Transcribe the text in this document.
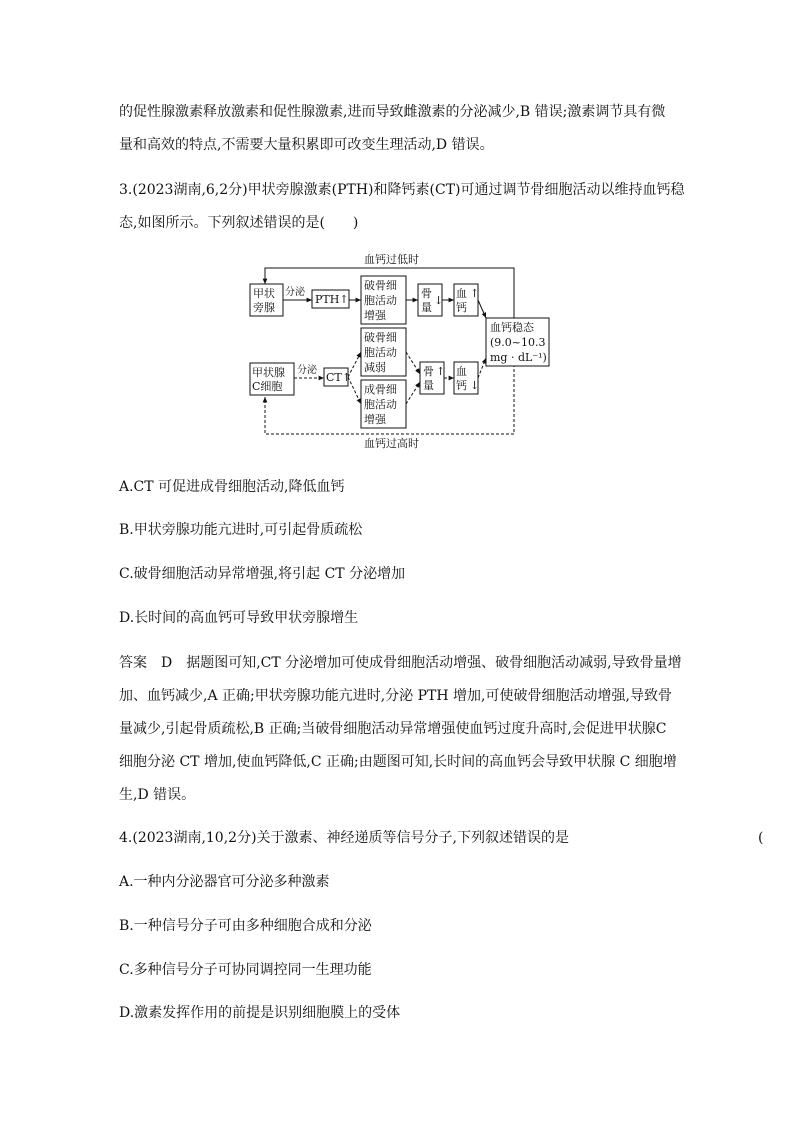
的促性腺激素释放激素和促性腺激素,进而导致雌激素的分泌减少,B 错误;激素调节具有微
量和高效的特点,不需要大量积累即可改变生理活动,D 错误。
3.(2023湖南,6,2分)甲状旁腺激素(PTH)和降钙素(CT)可通过调节骨细胞活动以维持血钙稳
态,如图所示。下列叙述错误的是(　　)
血钙过低时
血钙过高时
甲状
旁腺
分泌
PTH↑
破骨细
胞活动
增强
骨
量
↓
血
钙
↑
血钙稳态
(9.0~10.3
mg · dL⁻¹)
甲状腺
C细胞
分泌
CT↑
破骨细
胞活动
减弱
成骨细
胞活动
增强
骨
量
↑ 血
钙 ↓
A.CT 可促进成骨细胞活动,降低血钙
B.甲状旁腺功能亢进时,可引起骨质疏松
C.破骨细胞活动异常增强,将引起 CT 分泌增加
D.长时间的高血钙可导致甲状旁腺增生
答案　D　据题图可知,CT 分泌增加可使成骨细胞活动增强、破骨细胞活动减弱,导致骨量增
加、血钙减少,A 正确;甲状旁腺功能亢进时,分泌 PTH 增加,可使破骨细胞活动增强,导致骨
量减少,引起骨质疏松,B 正确;当破骨细胞活动异常增强使血钙过度升高时,会促进甲状腺C
细胞分泌 CT 增加,使血钙降低,C 正确;由题图可知,长时间的高血钙会导致甲状腺 C 细胞增
生,D 错误。
4.(2023湖南,10,2分)关于激素、神经递质等信号分子,下列叙述错误的是	(
A.一种内分泌器官可分泌多种激素
B.一种信号分子可由多种细胞合成和分泌
C.多种信号分子可协同调控同一生理功能
D.激素发挥作用的前提是识别细胞膜上的受体
